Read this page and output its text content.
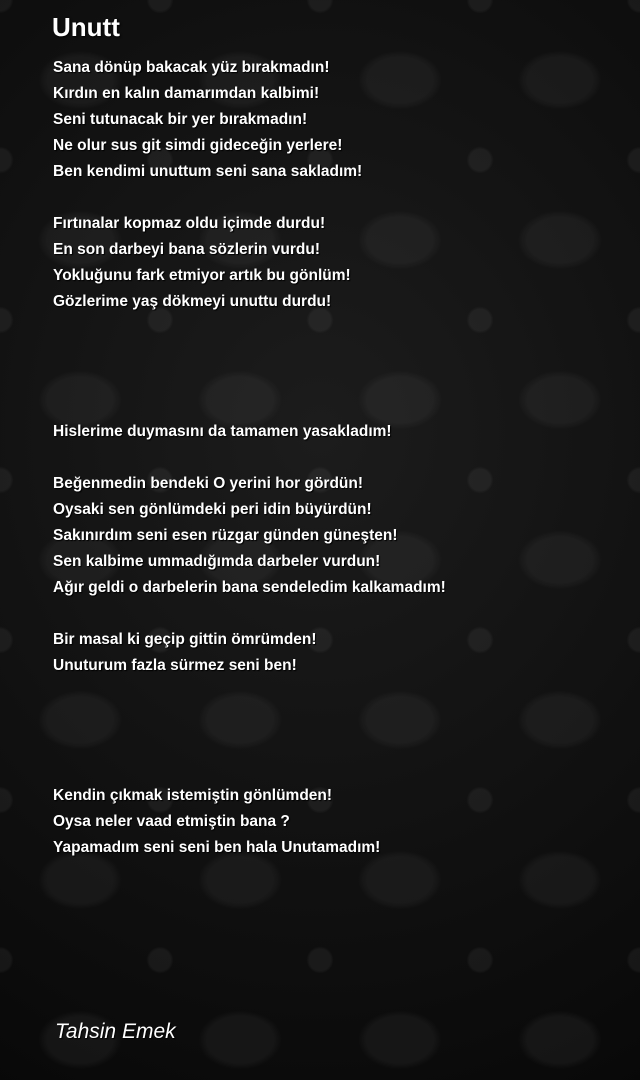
Unutt
Sana dönüp bakacak yüz bırakmadın!
Kırdın en kalın damarımdan kalbimi!
Seni tutunacak bir yer bırakmadın!
Ne olur sus git simdi gideceğin yerlere!
Ben kendimi unuttum seni sana sakladım!
Fırtınalar kopmaz oldu içimde durdu!
En son darbeyi bana sözlerin vurdu!
Yokluğunu fark etmiyor artık bu gönlüm!
Gözlerime yaş dökmeyi unuttu durdu!
Hislerime duymasını da tamamen yasakladım!
Beğenmedin bendeki O yerini hor gördün!
Oysaki sen gönlümdeki peri idin büyürdün!
Sakınırdım seni esen rüzgar günden güneşten!
Sen kalbime ummadığımda darbeler vurdun!
Ağır geldi o darbelerin bana sendeledim kalkamadım!
Bir masal ki geçip gittin ömrümden!
Unuturum fazla sürmez seni ben!
Kendin çıkmak istemiştin gönlümden!
Oysa neler vaad etmiştin bana ?
Yapamadım seni seni ben hala Unutamadım!

Tahsin Emek
